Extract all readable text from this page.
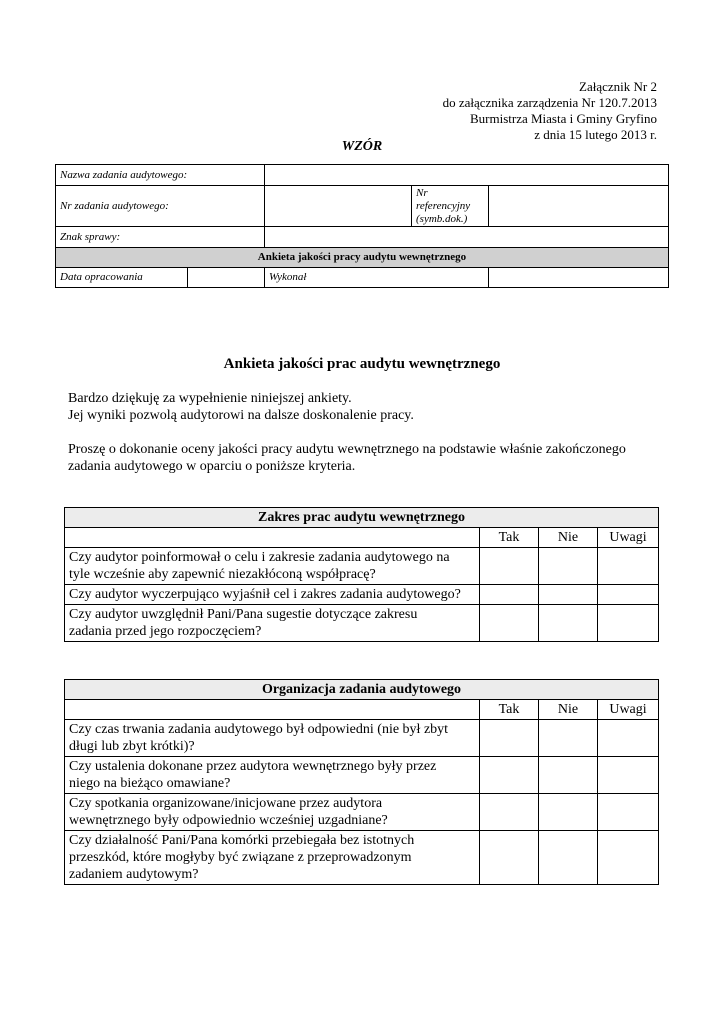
Załącznik Nr 2
do załącznika zarządzenia Nr 120.7.2013
Burmistrza Miasta i Gminy Gryfino
z dnia 15 lutego 2013 r.
WZÓR
Nazwa zadania audytowego:				
Nr zadania audytowego:			Nr
referencyjny
(symb.dok.)	

Znak sprawy:				
Ankieta jakości pracy audytu wewnętrznego				
Data opracowania		Wykonał		
Ankieta jakości prac audytu wewnętrznego
Bardzo dziękuję za wypełnienie niniejszej ankiety.
Jej wyniki pozwolą audytorowi na dalsze doskonalenie pracy.
Proszę o dokonanie oceny jakości pracy audytu wewnętrznego na podstawie właśnie zakończonego
zadania audytowego w oparciu o poniższe kryteria.
Zakres prac audytu wewnętrznego			
	Tak	Nie	Uwagi

Czy audytor poinformował o celu i zakresie zadania audytowego na
tyle wcześnie aby zapewnić niezakłóconą współpracę?			

Czy audytor wyczerpująco wyjaśnił cel i zakres zadania audytowego?			

Czy audytor uwzględnił Pani/Pana sugestie dotyczące zakresu
zadania przed jego rozpoczęciem?			

Organizacja zadania audytowego			
	Tak	Nie	Uwagi

Czy czas trwania zadania audytowego był odpowiedni (nie był zbyt
długi lub zbyt krótki)?			

Czy ustalenia dokonane przez audytora wewnętrznego były przez
niego na bieżąco omawiane?			

Czy spotkania organizowane/inicjowane przez audytora
wewnętrznego były odpowiednio wcześniej uzgadniane?			

Czy działalność Pani/Pana komórki przebiegała bez istotnych
przeszkód, które mogłyby być związane z przeprowadzonym
zadaniem audytowym?			
